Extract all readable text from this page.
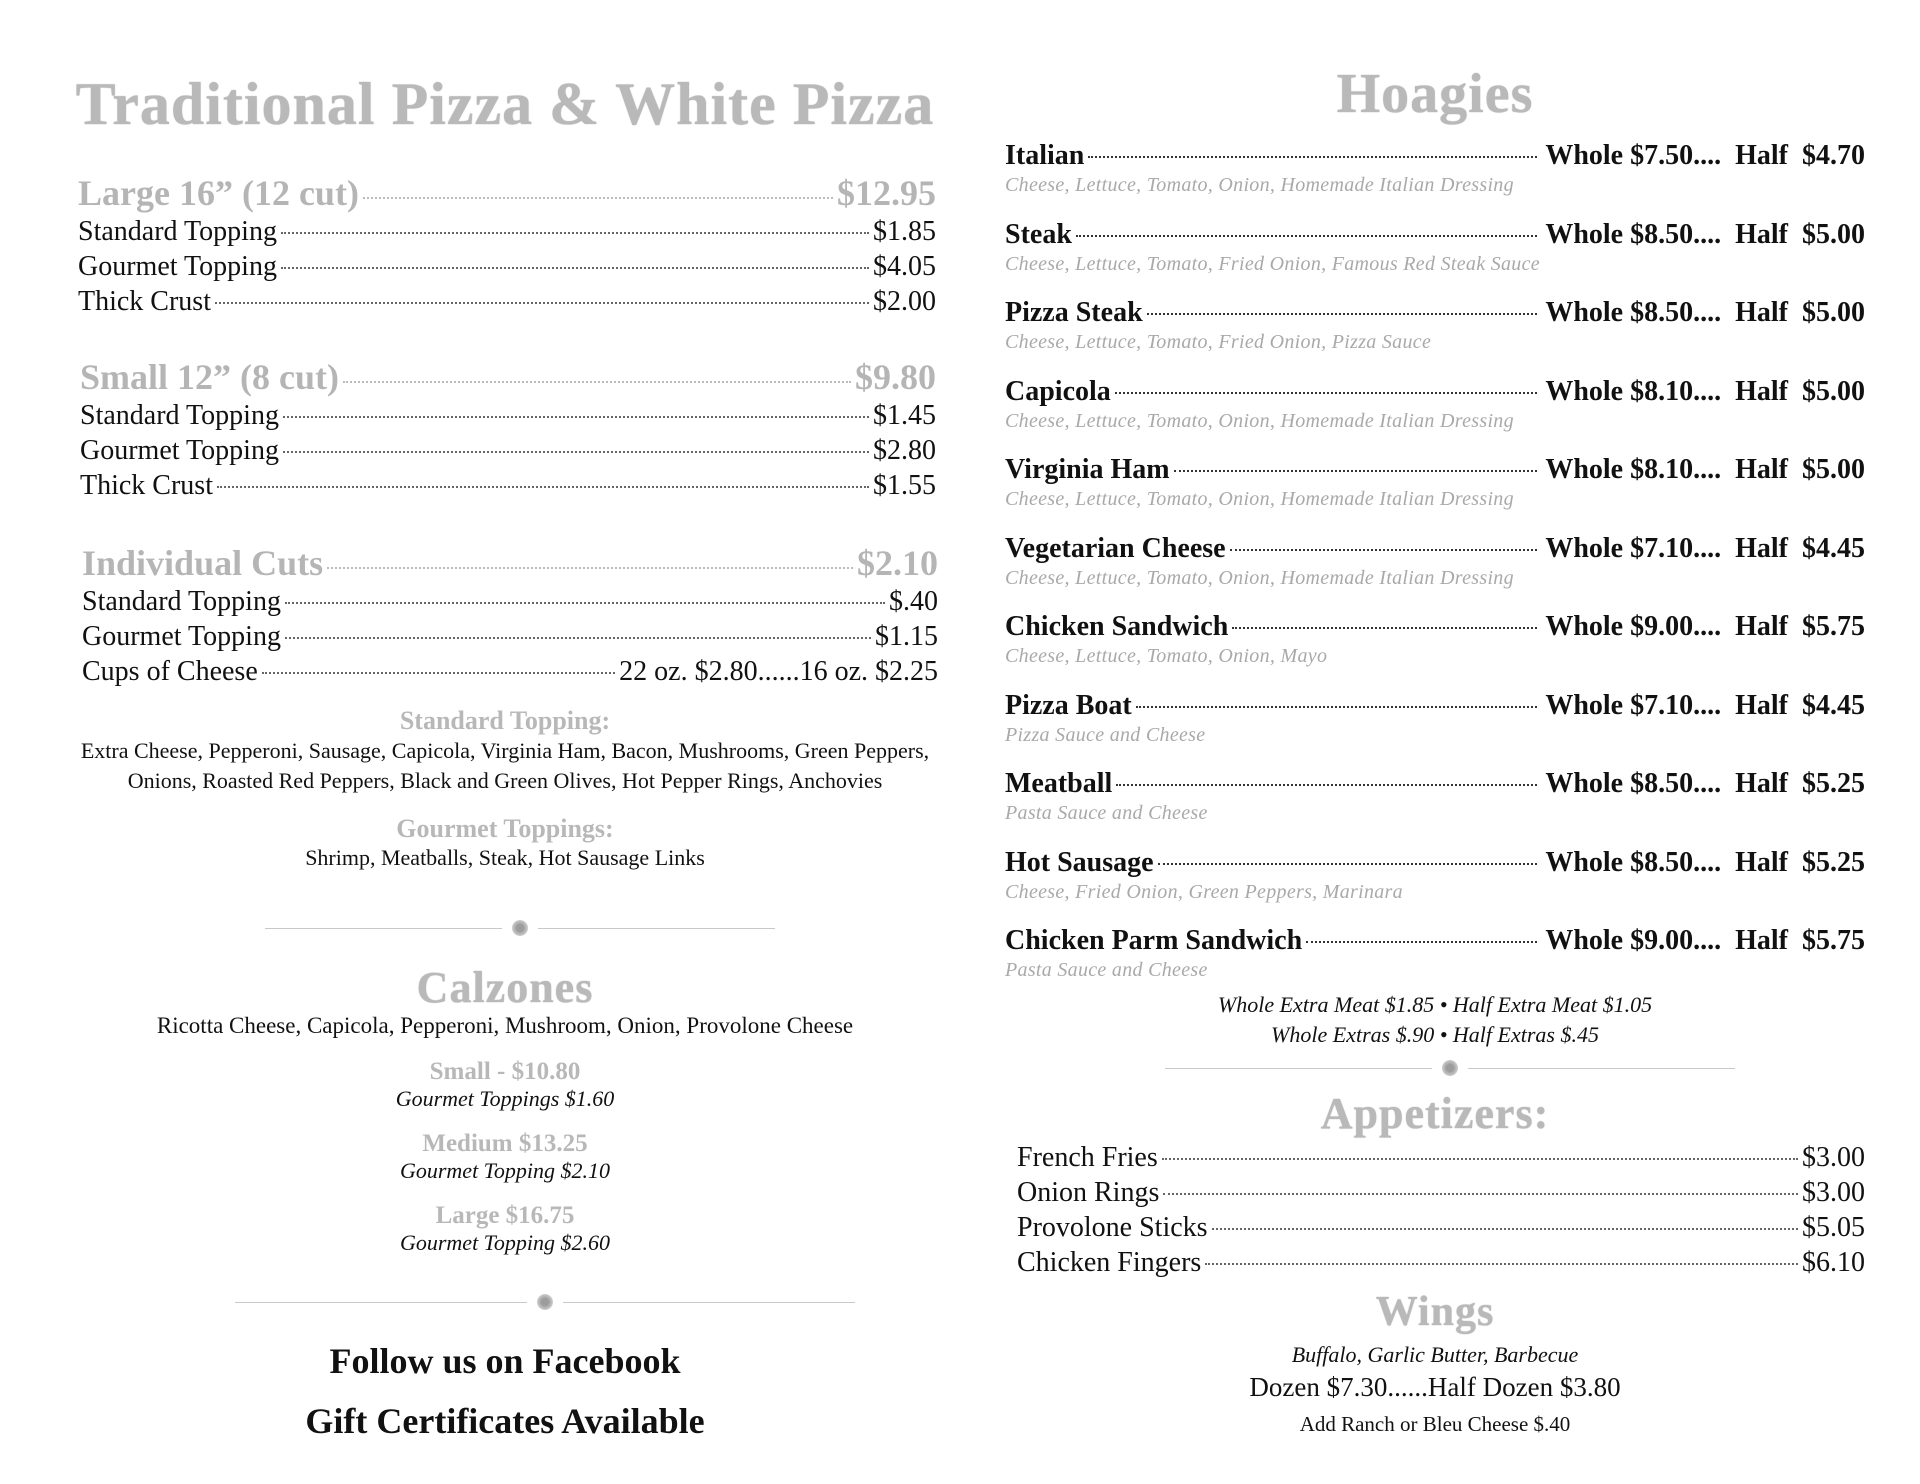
Traditional Pizza & White Pizza
Large 16” (12 cut)	$12.95
Standard Topping	$1.85
Gourmet Topping	$4.05
Thick Crust	$2.00
Small 12” (8 cut)	$9.80
Standard Topping	$1.45
Gourmet Topping	$2.80
Thick Crust	$1.55
Individual Cuts	$2.10
Standard Topping	$.40
Gourmet Topping	$1.15
Cups of Cheese	22 oz. $2.80......16 oz. $2.25
Standard Topping:
Extra Cheese, Pepperoni, Sausage, Capicola, Virginia Ham, Bacon, Mushrooms, Green Peppers,
Onions, Roasted Red Peppers, Black and Green Olives, Hot Pepper Rings, Anchovies
Gourmet Toppings:
Shrimp, Meatballs, Steak, Hot Sausage Links
Calzones
Ricotta Cheese, Capicola, Pepperoni, Mushroom, Onion, Provolone Cheese
Small - $10.80
Gourmet Toppings $1.60
Medium $13.25
Gourmet Topping $2.10
Large $16.75
Gourmet Topping $2.60
Follow us on Facebook
Gift Certificates Available
Hoagies
Italian	Whole $7.50.... Half  $4.70
Cheese, Lettuce, Tomato, Onion, Homemade Italian Dressing
Steak	Whole $8.50.... Half  $5.00
Cheese, Lettuce, Tomato, Fried Onion, Famous Red Steak Sauce
Pizza Steak	Whole $8.50.... Half  $5.00
Cheese, Lettuce, Tomato, Fried Onion, Pizza Sauce
Capicola	Whole $8.10.... Half  $5.00
Cheese, Lettuce, Tomato, Onion, Homemade Italian Dressing
Virginia Ham	Whole $8.10.... Half  $5.00
Cheese, Lettuce, Tomato, Onion, Homemade Italian Dressing
Vegetarian Cheese	Whole $7.10.... Half  $4.45
Cheese, Lettuce, Tomato, Onion, Homemade Italian Dressing
Chicken Sandwich	Whole $9.00.... Half  $5.75
Cheese, Lettuce, Tomato, Onion, Mayo
Pizza Boat	Whole $7.10.... Half  $4.45
Pizza Sauce and Cheese
Meatball	Whole $8.50.... Half  $5.25
Pasta Sauce and Cheese
Hot Sausage	Whole $8.50.... Half  $5.25
Cheese, Fried Onion, Green Peppers, Marinara
Chicken Parm Sandwich	Whole $9.00.... Half  $5.75
Pasta Sauce and Cheese
Whole Extra Meat $1.85 • Half Extra Meat $1.05
Whole Extras $.90 • Half Extras $.45
Appetizers:
French Fries	$3.00
Onion Rings	$3.00
Provolone Sticks	$5.05
Chicken Fingers	$6.10
Wings
Buffalo, Garlic Butter, Barbecue
Dozen $7.30......Half Dozen $3.80
Add Ranch or Bleu Cheese $.40
